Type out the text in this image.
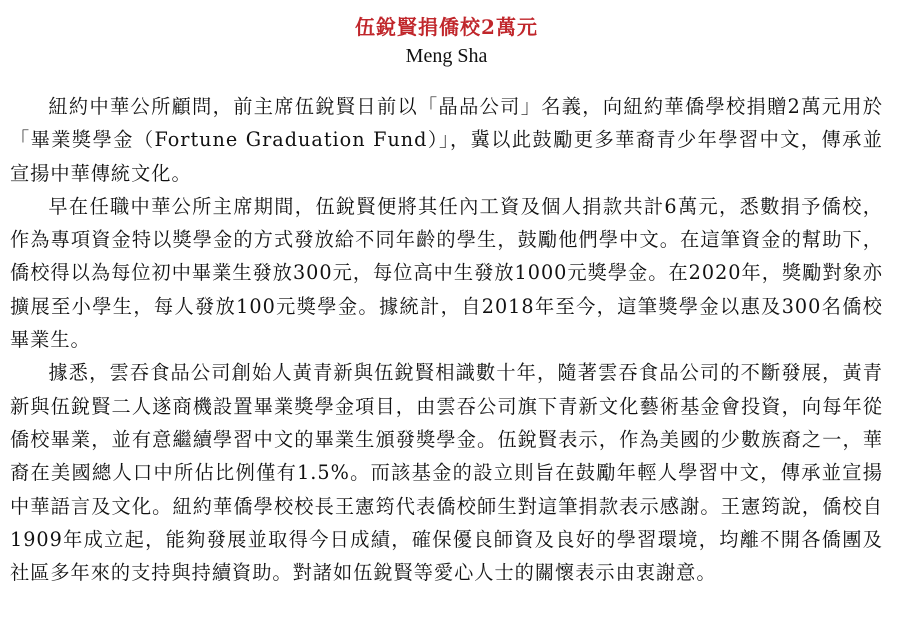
伍銳賢捐僑校2萬元
Meng Sha

紐約中華公所顧問，前主席伍銳賢日前以「晶品公司」名義，向紐約華僑學校捐贈2萬元用於「畢業獎學金（Fortune Graduation Fund）」，冀以此鼓勵更多華裔青少年學習中文，傳承並宣揚中華傳統文化。

早在任職中華公所主席期間，伍銳賢便將其任內工資及個人捐款共計6萬元，悉數捐予僑校，作為專項資金特以獎學金的方式發放給不同年齡的學生，鼓勵他們學中文。在這筆資金的幫助下，僑校得以為每位初中畢業生發放300元，每位高中生發放1000元獎學金。在2020年，獎勵對象亦擴展至小學生，每人發放100元獎學金。據統計，自2018年至今，這筆獎學金以惠及300名僑校畢業生。

據悉，雲吞食品公司創始人黃青新與伍銳賢相識數十年，隨著雲吞食品公司的不斷發展，黃青新與伍銳賢二人遂商機設置畢業獎學金項目，由雲吞公司旗下青新文化藝術基金會投資，向每年從僑校畢業，並有意繼續學習中文的畢業生頒發獎學金。伍銳賢表示，作為美國的少數族裔之一，華裔在美國總人口中所佔比例僅有1.5%。而該基金的設立則旨在鼓勵年輕人學習中文，傳承並宣揚中華語言及文化。紐約華僑學校校長王憲筠代表僑校師生對這筆捐款表示感謝。王憲筠說，僑校自1909年成立起，能夠發展並取得今日成績，確保優良師資及良好的學習環境，均離不開各僑團及社區多年來的支持與持續資助。對諸如伍銳賢等愛心人士的關懷表示由衷謝意。
